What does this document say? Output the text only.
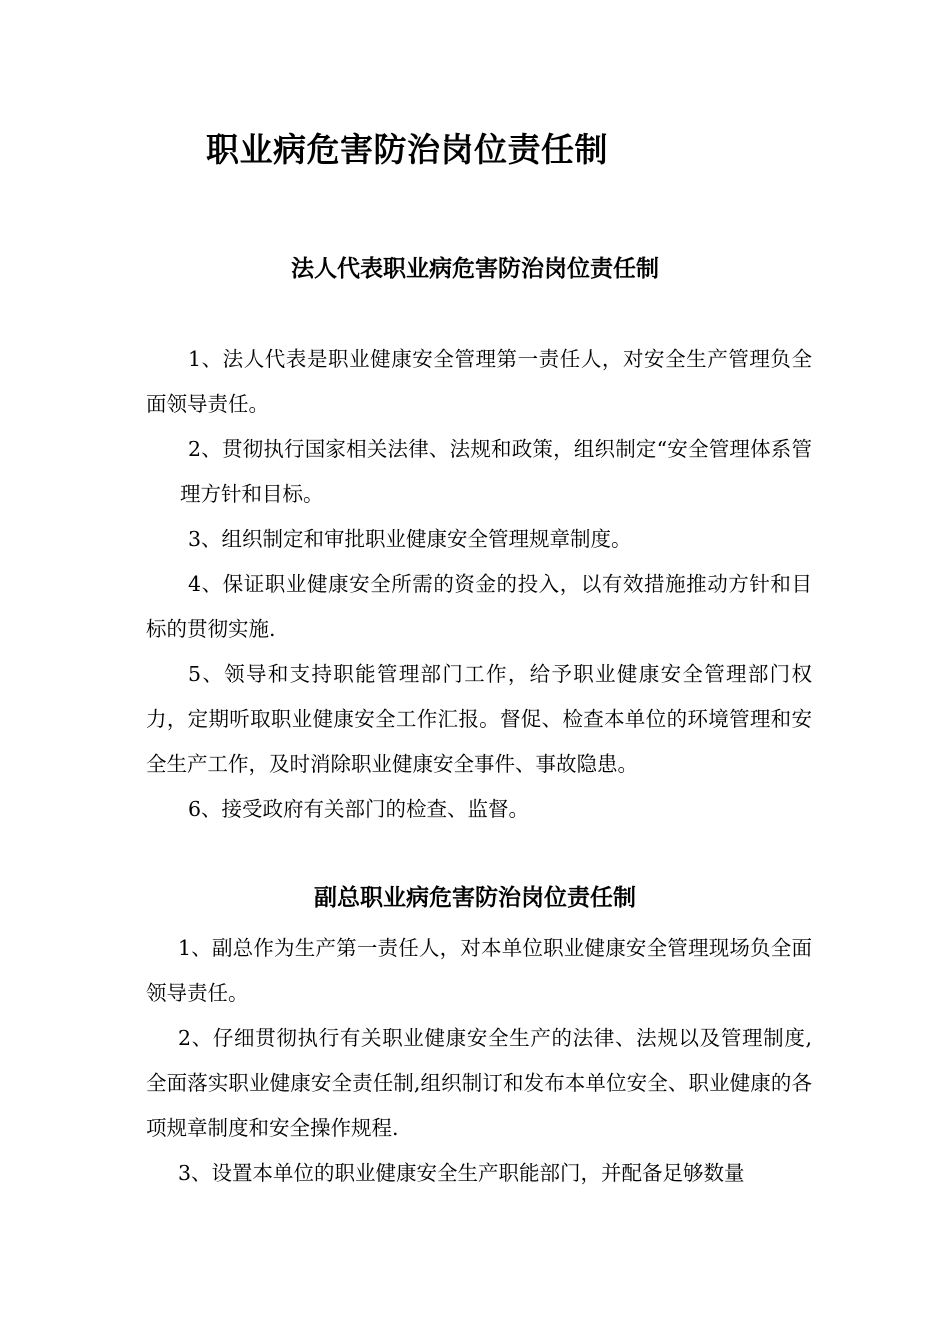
职业病危害防治岗位责任制
法人代表职业病危害防治岗位责任制

1、法人代表是职业健康安全管理第一责任人，对安全生产管理负全面领导责任。

2、贯彻执行国家相关法律、法规和政策，组织制定“安全管理体系管理方针和目标。

3、组织制定和审批职业健康安全管理规章制度。

4、保证职业健康安全所需的资金的投入，以有效措施推动方针和目标的贯彻实施.

5、领导和支持职能管理部门工作，给予职业健康安全管理部门权力，定期听取职业健康安全工作汇报。督促、检查本单位的环境管理和安全生产工作，及时消除职业健康安全事件、事故隐患。

6、接受政府有关部门的检查、监督。

副总职业病危害防治岗位责任制

1、副总作为生产第一责任人，对本单位职业健康安全管理现场负全面领导责任。

2、仔细贯彻执行有关职业健康安全生产的法律、法规以及管理制度,全面落实职业健康安全责任制,组织制订和发布本单位安全、职业健康的各项规章制度和安全操作规程.

3、设置本单位的职业健康安全生产职能部门，并配备足够数量
